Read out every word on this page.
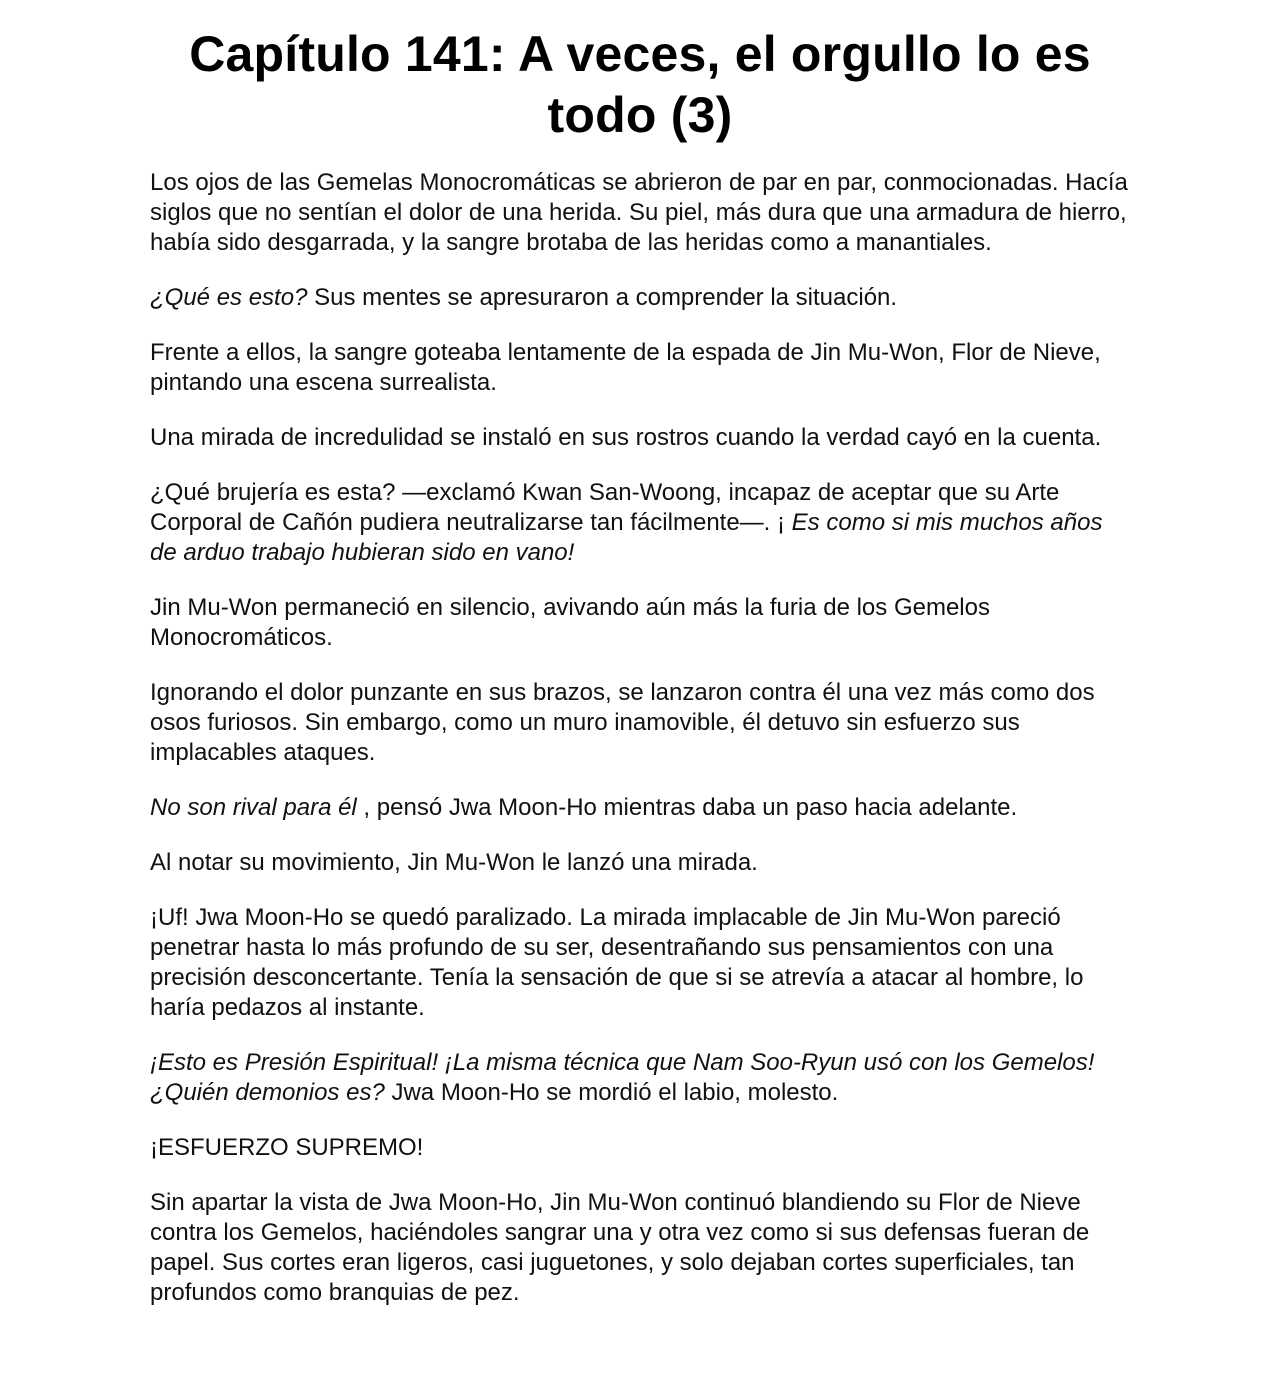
Capítulo 141: A veces, el orgullo lo es
todo (3)

Los ojos de las Gemelas Monocromáticas se abrieron de par en par, conmocionadas. Hacía siglos que no sentían el dolor de una herida. Su piel, más dura que una armadura de hierro, había sido desgarrada, y la sangre brotaba de las heridas como a manantiales.

¿Qué es esto? Sus mentes se apresuraron a comprender la situación.

Frente a ellos, la sangre goteaba lentamente de la espada de Jin Mu-Won, Flor de Nieve, pintando una escena surrealista.

Una mirada de incredulidad se instaló en sus rostros cuando la verdad cayó en la cuenta.

¿Qué brujería es esta? —exclamó Kwan San-Woong, incapaz de aceptar que su Arte Corporal de Cañón pudiera neutralizarse tan fácilmente—. ¡ Es como si mis muchos años de arduo trabajo hubieran sido en vano!

Jin Mu-Won permaneció en silencio, avivando aún más la furia de los Gemelos Monocromáticos.

Ignorando el dolor punzante en sus brazos, se lanzaron contra él una vez más como dos osos furiosos. Sin embargo, como un muro inamovible, él detuvo sin esfuerzo sus implacables ataques.

No son rival para él , pensó Jwa Moon-Ho mientras daba un paso hacia adelante.

Al notar su movimiento, Jin Mu-Won le lanzó una mirada.

¡Uf! Jwa Moon-Ho se quedó paralizado. La mirada implacable de Jin Mu-Won pareció penetrar hasta lo más profundo de su ser, desentrañando sus pensamientos con una precisión desconcertante. Tenía la sensación de que si se atrevía a atacar al hombre, lo haría pedazos al instante.

¡Esto es Presión Espiritual! ¡La misma técnica que Nam Soo-Ryun usó con los Gemelos! ¿Quién demonios es? Jwa Moon-Ho se mordió el labio, molesto.

¡ESFUERZO SUPREMO!

Sin apartar la vista de Jwa Moon-Ho, Jin Mu-Won continuó blandiendo su Flor de Nieve contra los Gemelos, haciéndoles sangrar una y otra vez como si sus defensas fueran de papel. Sus cortes eran ligeros, casi juguetones, y solo dejaban cortes superficiales, tan profundos como branquias de pez.
